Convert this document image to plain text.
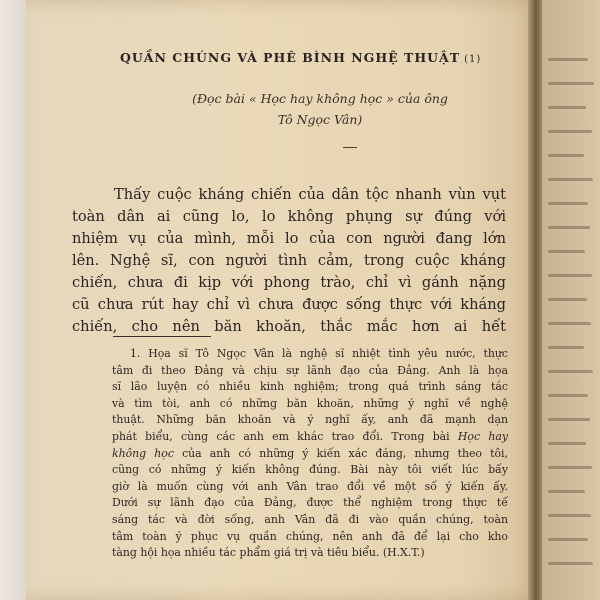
QUẦN CHÚNG VÀ PHÊ BÌNH NGHỆ THUẬT (1)
(Đọc bài « Học hay không học » của ông
Tô Ngọc Vân)
Thấy cuộc kháng chiến của dân tộc nhanh vùn vụt
toàn dân ai cũng lo, lo không phụng sự đúng với
nhiệm vụ của mình, mỗi lo của con người đang lớn
lên. Nghệ sĩ, con người tình cảm, trong cuộc kháng
chiến, chưa đi kịp với phong trào, chỉ vì gánh nặng
cũ chưa rút hay chỉ vì chưa được sống thực với kháng
chiến, cho nên băn khoăn, thắc mắc hơn ai hết
1. Họa sĩ Tô Ngọc Vân là nghệ sĩ nhiệt tình yêu nước, thực
tâm đi theo Đảng và chịu sự lãnh đạo của Đảng. Anh là họa
sĩ lão luyện có nhiều kinh nghiệm; trong quá trình sáng tác
và tìm tòi, anh có những băn khoăn, những ý nghĩ về nghệ
thuật. Những băn khoăn và ý nghĩ ấy, anh đã mạnh dạn
phát biểu, cùng các anh em khác trao đổi. Trong bài Học hay
không học của anh có những ý kiến xác đáng, nhưng theo tôi,
cũng có những ý kiến không đúng. Bài này tôi viết lúc bấy
giờ là muốn cùng với anh Vân trao đổi về một số ý kiến ấy.
Dưới sự lãnh đạo của Đảng, được thể nghiệm trong thực tế
sáng tác và đời sống, anh Vân đã đi vào quần chúng, toàn
tâm toàn ý phục vụ quần chúng, nên anh đã để lại cho kho
tàng hội họa nhiều tác phẩm giá trị và tiêu biểu. (H.X.T.)
